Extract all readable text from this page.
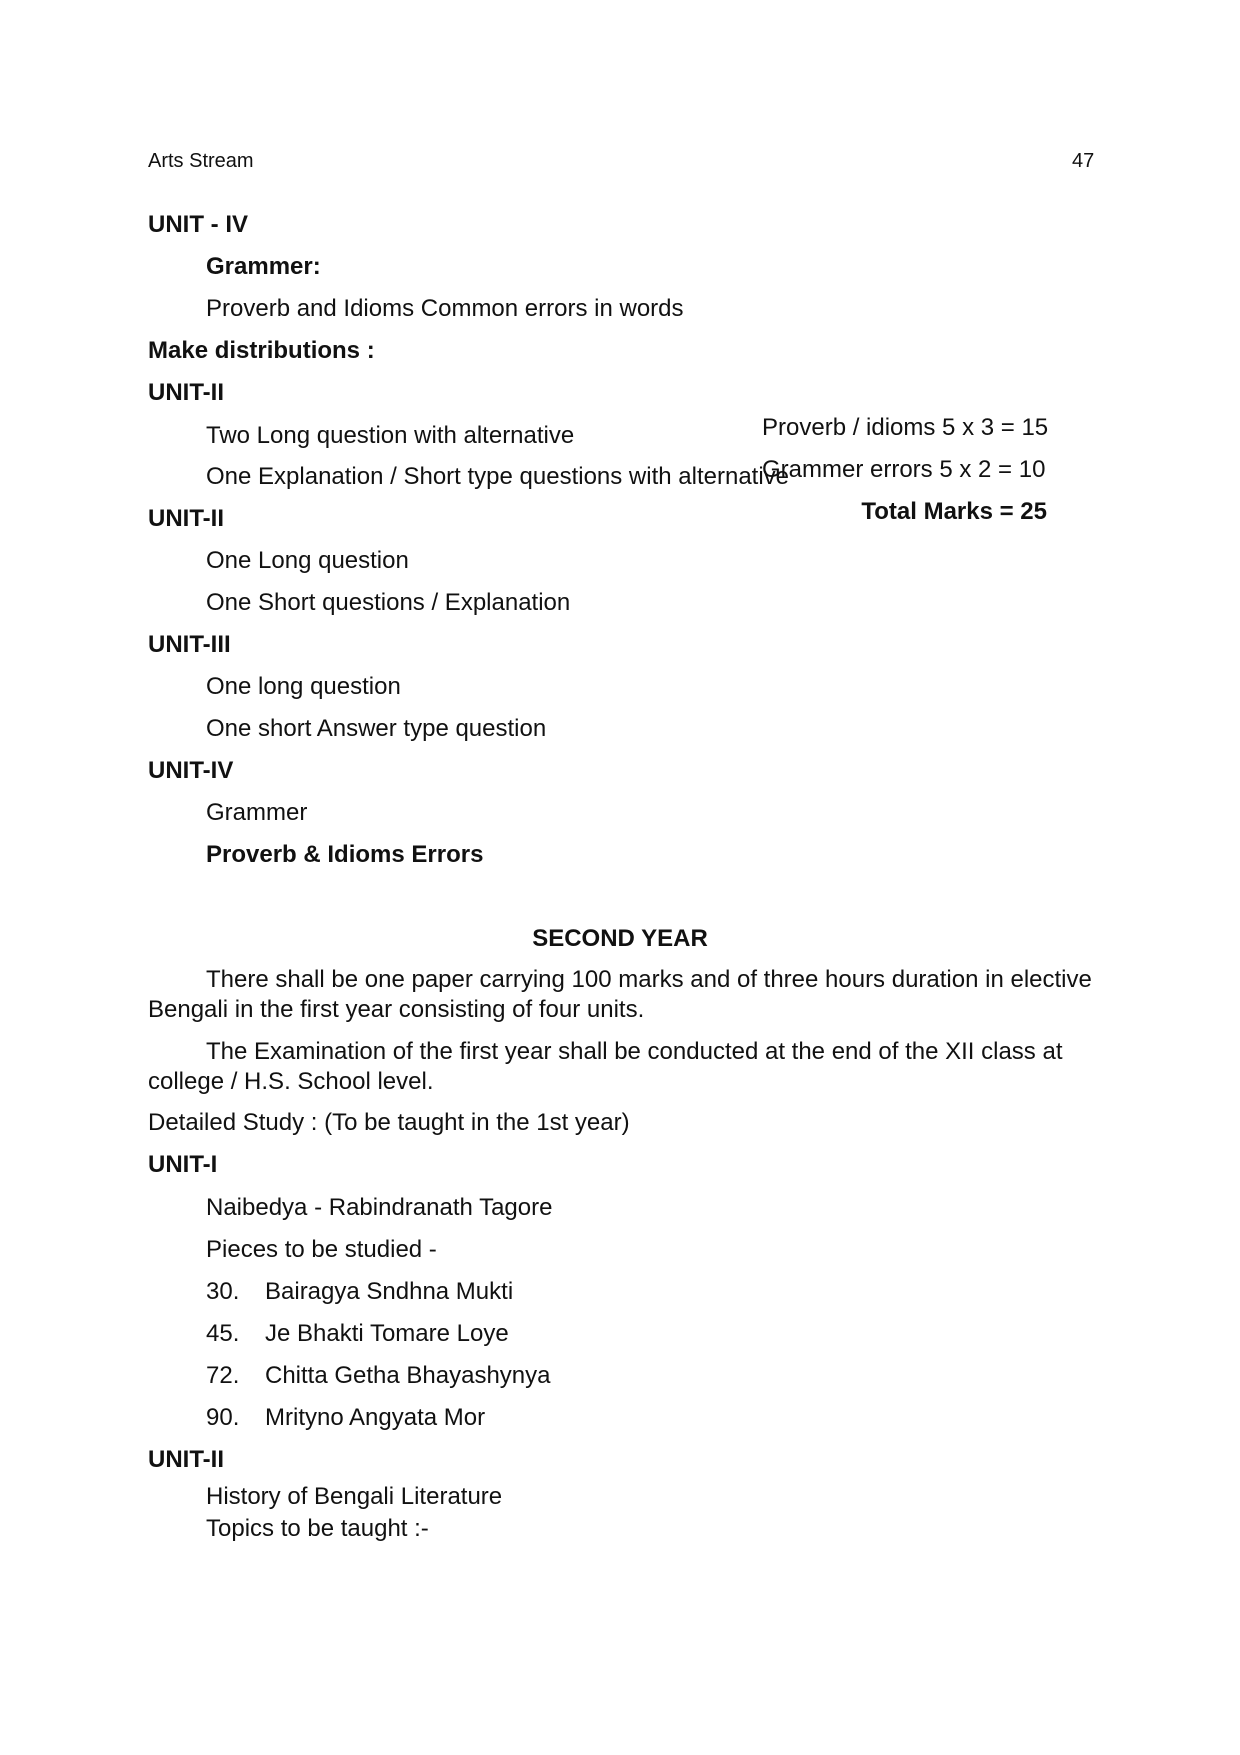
Arts Stream	47
UNIT - IV
Grammer:
Proverb and Idioms Common errors in words
Make distributions :
UNIT-II
Two Long question with alternative
One Explanation / Short type questions with alternative
UNIT-II
One Long question
One Short questions / Explanation
UNIT-III
One long question
One short Answer type question
UNIT-IV
Grammer
Proverb & Idioms Errors
Proverb / idioms 5 x 3 = 15
Grammer errors 5 x 2 = 10
Total Marks = 25
SECOND YEAR
There shall be one paper carrying 100 marks and of three hours duration in elective Bengali in the first year consisting of four units.
The Examination of the first year shall be conducted at the end of the XII class at college / H.S. School level.
Detailed Study : (To be taught in the 1st year)
UNIT-I
Naibedya - Rabindranath Tagore
Pieces to be studied -
30. Bairagya Sndhna Mukti
45. Je Bhakti Tomare Loye
72. Chitta Getha Bhayashynya
90. Mrityno Angyata Mor
UNIT-II
History of Bengali Literature
Topics to be taught :-
